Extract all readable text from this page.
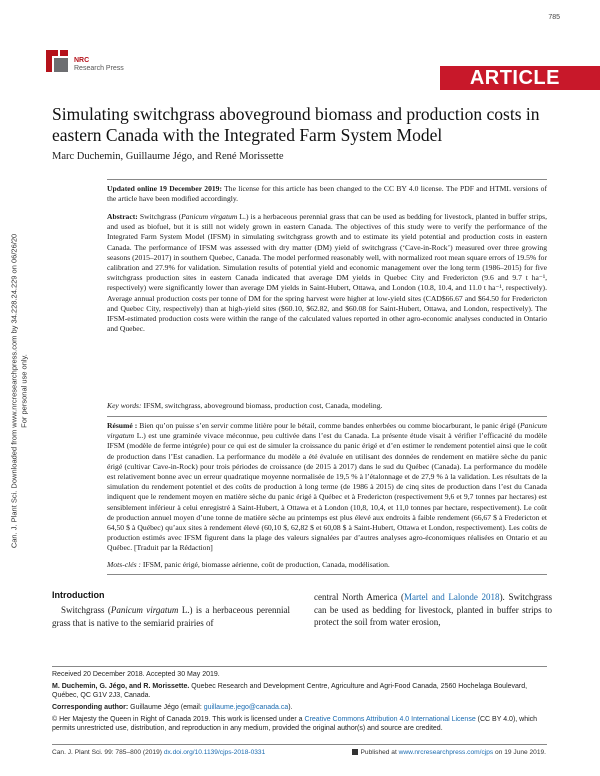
785
NRC
Research Press	ARTICLE
Simulating switchgrass aboveground biomass and production costs in eastern Canada with the Integrated Farm System Model
Marc Duchemin, Guillaume Jégo, and René Morissette
Can. J. Plant Sci. Downloaded from www.nrcresearchpress.com by 34.228.24.229 on 06/26/20 For personal use only.
Updated online 19 December 2019: The license for this article has been changed to the CC BY 4.0 license. The PDF and HTML versions of the article have been modified accordingly.
Abstract: Switchgrass (Panicum virgatum L.) is a herbaceous perennial grass that can be used as bedding for livestock, planted in buffer strips, and used as biofuel, but it is still not widely grown in eastern Canada. The objectives of this study were to verify the performance of the Integrated Farm System Model (IFSM) in simulating switchgrass growth and to estimate its yield potential and production costs in eastern Canada. The performance of IFSM was assessed with dry matter (DM) yield of switchgrass (‘Cave-in-Rock’) measured over three growing seasons (2015–2017) in southern Quebec, Canada. The model performed reasonably well, with normalized root mean square errors of 19.5% for calibration and 27.9% for validation. Simulation results of potential yield and economic management over the long term (1986–2015) for five switchgrass production sites in eastern Canada indicated that average DM yields in Quebec City and Fredericton (9.6 and 9.7 t ha⁻¹, respectively) were significantly lower than average DM yields in Saint-Hubert, Ottawa, and London (10.8, 10.4, and 11.0 t ha⁻¹, respectively). Average annual production costs per tonne of DM for the spring harvest were higher at low-yield sites (CAD$66.67 and $64.50 for Fredericton and Quebec City, respectively) than at high-yield sites ($60.10, $62.82, and $60.08 for Saint-Hubert, Ottawa, and London, respectively). The IFSM-estimated production costs were within the range of the calculated values reported in other agro-economic analyses conducted in Ontario and Quebec.
Key words: IFSM, switchgrass, aboveground biomass, production cost, Canada, modeling.
Résumé : Bien qu’on puisse s’en servir comme litière pour le bétail, comme bandes enherbées ou comme biocarburant, le panic érigé (Panicum virgatum L.) est une graminée vivace méconnue, peu cultivée dans l’est du Canada. La présente étude visait à vérifier l’efficacité du modèle IFSM (modèle de ferme intégrée) pour ce qui est de simuler la croissance du panic érigé et d’en estimer le rendement potentiel ainsi que le coût de production dans l’Est canadien. La performance du modèle a été évaluée en utilisant des données de rendement en matière sèche du panic érigé (cultivar Cave-in-Rock) pour trois périodes de croissance (de 2015 à 2017) dans le sud du Québec (Canada). La performance du modèle est relativement bonne avec un erreur quadratique moyenne normalisée de 19,5 % à l’étalonnage et de 27,9 % à la validation. Les résultats de la simulation du rendement potentiel et des coûts de production à long terme (de 1986 à 2015) de cinq sites de production dans l’est du Canada indiquent que le rendement moyen en matière sèche du panic érigé à Québec et à Fredericton (respectivement 9,6 et 9,7 tonnes par hectares) est sensiblement inférieur à celui enregistré à Saint-Hubert, à Ottawa et à London (10,8, 10,4, et 11,0 tonnes par hectare, respectivement). Le coût de production annuel moyen d’une tonne de matière sèche au printemps est plus élevé aux endroits à faible rendement (66,67 $ à Fredericton et 64,50 $ à Québec) qu’aux sites à rendement élevé (60,10 $, 62,82 $ et 60,08 $ à Saint-Hubert, Ottawa et London, respectivement). Les coûts de production estimés avec IFSM figurent dans la plage des valeurs signalées par d’autres analyses agro-économiques réalisées en Ontario et au Québec. [Traduit par la Rédaction]
Mots-clés : IFSM, panic érigé, biomasse aérienne, coût de production, Canada, modélisation.
Introduction
 Switchgrass (Panicum virgatum L.) is a herbaceous perennial grass that is native to the semiarid prairies of
central North America (Martel and Lalonde 2018). Switchgrass can be used as bedding for livestock, planted in buffer strips to protect the soil from water erosion,
Received 20 December 2018. Accepted 30 May 2019.
M. Duchemin, G. Jégo, and R. Morissette. Quebec Research and Development Centre, Agriculture and Agri-Food Canada, 2560 Hochelaga Boulevard, Québec, QC G1V 2J3, Canada.
Corresponding author: Guillaume Jégo (email: guillaume.jego@canada.ca).
© Her Majesty the Queen in Right of Canada 2019. This work is licensed under a Creative Commons Attribution 4.0 International License (CC BY 4.0), which permits unrestricted use, distribution, and reproduction in any medium, provided the original author(s) and source are credited.
Can. J. Plant Sci. 99: 785–800 (2019) dx.doi.org/10.1139/cjps-2018-0331	Published at www.nrcresearchpress.com/cjps on 19 June 2019.
